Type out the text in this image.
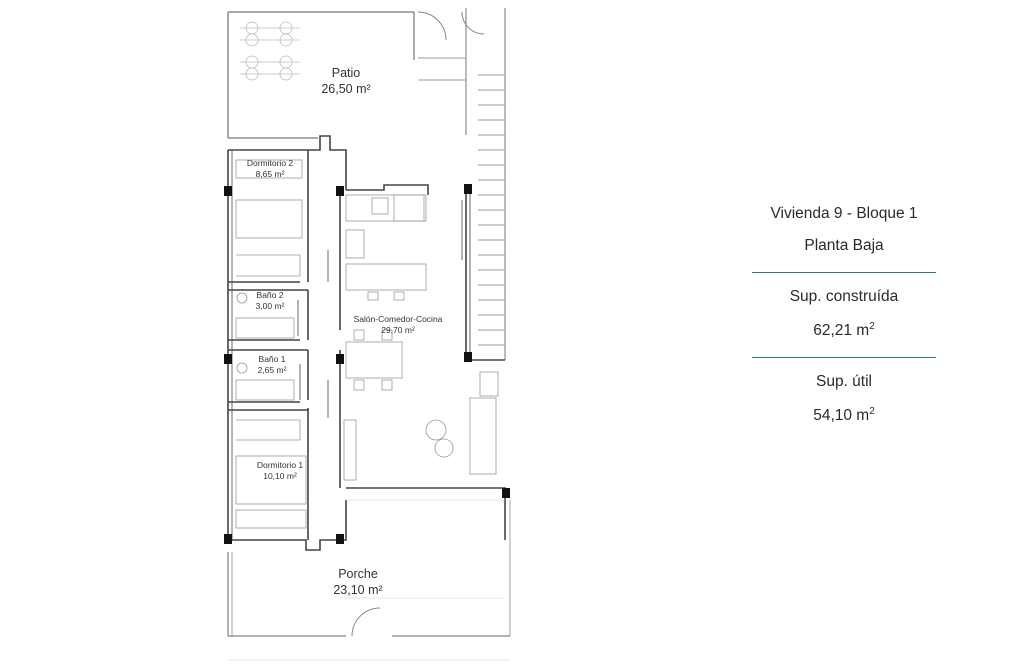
Patio
26,50 m²
Dormitorio 2
8,65 m²
Baño 2
3,00 m²
Baño 1
2,65 m²
Salón-Comedor-Cocina
29,70 m²
Dormitorio 1
10,10 m²
Porche
23,10 m²
Vivienda 9 - Bloque 1
Planta Baja
Sup. construída
62,21 $m^2$
Sup. útil
54,10 $m^2$
